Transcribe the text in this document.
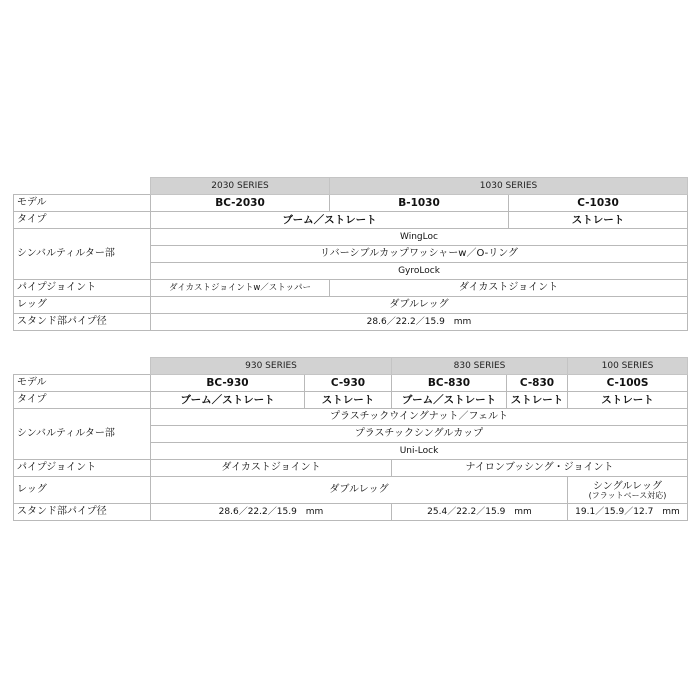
	2030 SERIES	1030 SERIES	
モデル	BC-2030	B-1030	C-1030
タイプ	ブーム／ストレート		ストレート
シンバルティルター部	WingLoc		
	リバーシブルカップワッシャーw／O-リング		
	GyroLock		
パイプジョイント	ダイカストジョイントw／ストッパー	ダイカストジョイント	
レッグ	ダブルレッグ		
スタンド部パイプ径	28.6／22.2／15.9　mm		
	930 SERIES		830 SERIES		100 SERIES
モデル	BC-930	C-930	BC-830	C-830	C-100S
タイプ	ブーム／ストレート	ストレート	ブーム／ストレート	ストレート	ストレート
シンバルティルター部	プラスチックウイングナット／フェルト				
	プラスチックシングルカップ				
	Uni-Lock				
パイプジョイント	ダイカストジョイント		ナイロンブッシング・ジョイント		
レッグ	ダブルレッグ				シングルレッグ
(フラットベース対応)

スタンド部パイプ径	28.6／22.2／15.9　mm		25.4／22.2／15.9　mm		19.1／15.9／12.7　mm
